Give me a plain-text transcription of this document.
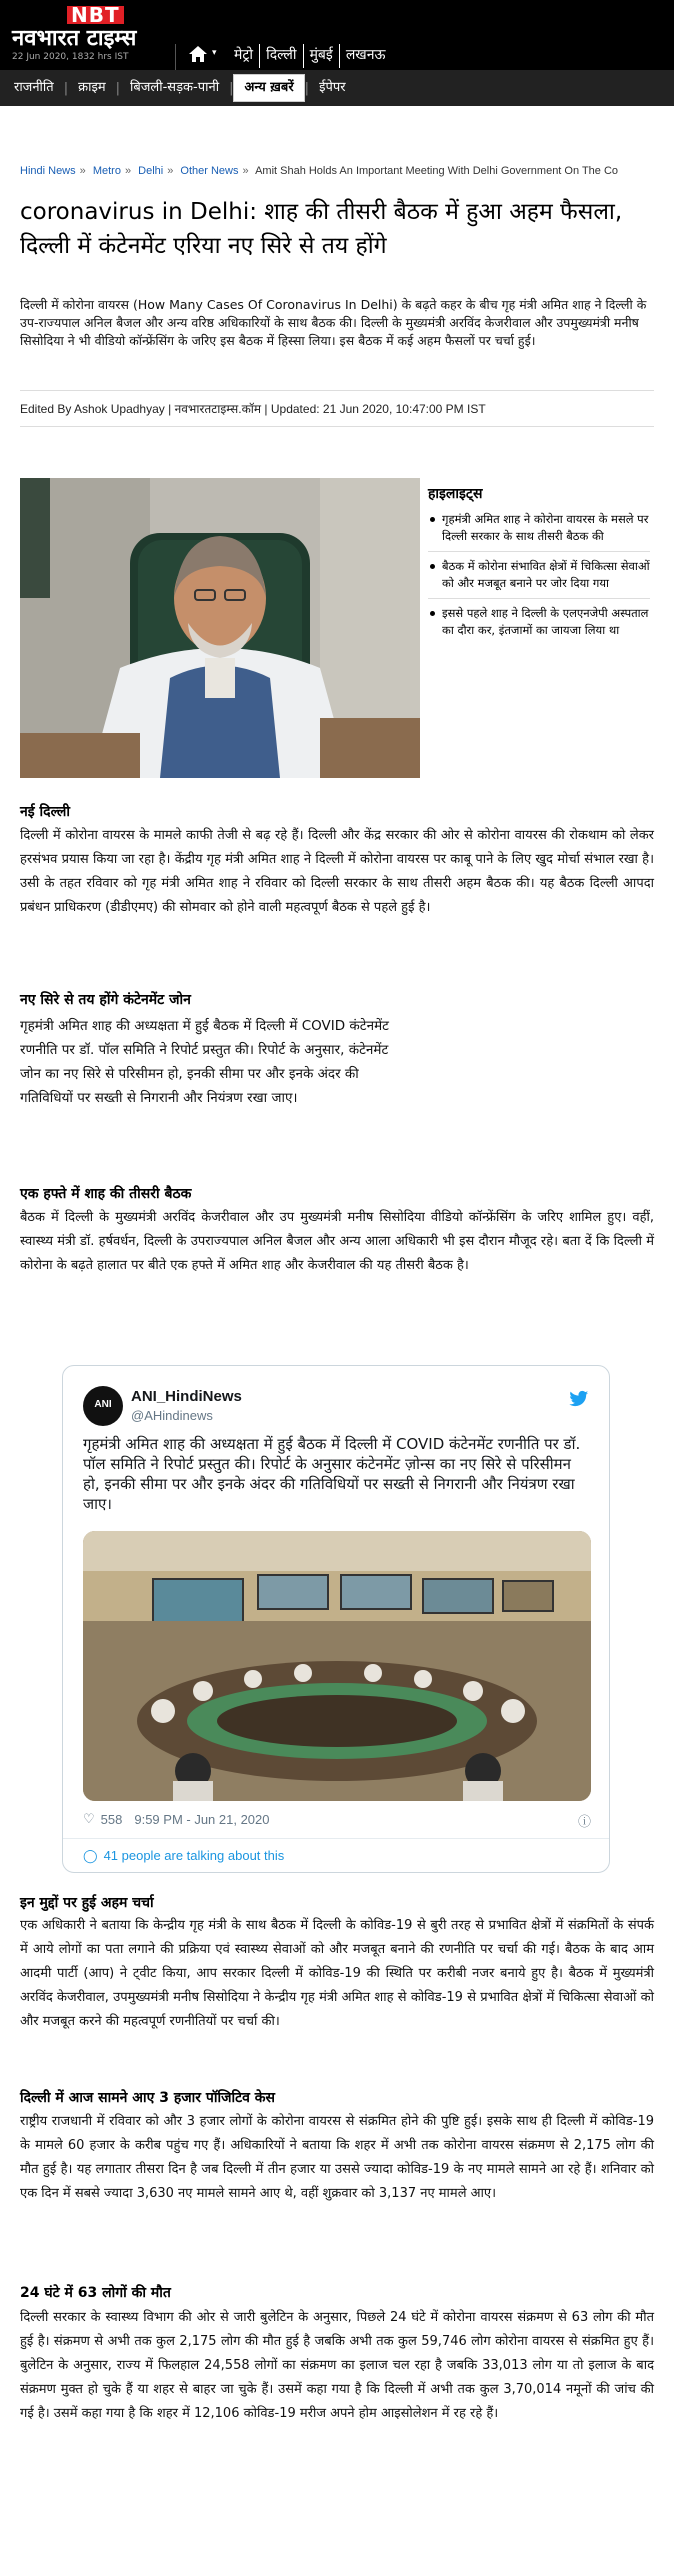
NBT
नवभारत टाइम्स
22 Jun 2020, 1832 hrs IST	▾	मेट्रो दिल्ली मुंबई लखनऊ
राजनीति | क्राइम | बिजली-सड़क-पानी | अन्य ख़बरें | ईपेपर
Hindi News » Metro » Delhi » Other News » Amit Shah Holds An Important Meeting With Delhi Government On The Co
coronavirus in Delhi: शाह की तीसरी बैठक में हुआ अहम फैसला, दिल्ली में कंटेनमेंट एरिया नए सिरे से तय होंगे

दिल्ली में कोरोना वायरस (How Many Cases Of Coronavirus In Delhi) के बढ़ते कहर के बीच गृह मंत्री अमित शाह ने दिल्ली के उप-राज्यपाल अनिल बैजल और अन्य वरिष्ठ अधिकारियों के साथ बैठक की। दिल्ली के मुख्यमंत्री अरविंद केजरीवाल और उपमुख्यमंत्री मनीष सिसोदिया ने भी वीडियो कॉन्फ्रेंसिंग के जरिए इस बैठक में हिस्सा लिया। इस बैठक में कई अहम फैसलों पर चर्चा हुई।

Edited By Ashok Upadhyay | नवभारतटाइम्स.कॉम | Updated: 21 Jun 2020, 10:47:00 PM IST
हाइलाइट्स
गृहमंत्री अमित शाह ने कोरोना वायरस के मसले पर दिल्ली सरकार के साथ तीसरी बैठक की
बैठक में कोरोना संभावित क्षेत्रों में चिकित्सा सेवाओं को और मजबूत बनाने पर जोर दिया गया
इससे पहले शाह ने दिल्ली के एलएनजेपी अस्पताल का दौरा कर, इंतजामों का जायजा लिया था
नई दिल्ली

दिल्ली में कोरोना वायरस के मामले काफी तेजी से बढ़ रहे हैं। दिल्ली और केंद्र सरकार की ओर से कोरोना वायरस की रोकथाम को लेकर हरसंभव प्रयास किया जा रहा है। केंद्रीय गृह मंत्री अमित शाह ने दिल्ली में कोरोना वायरस पर काबू पाने के लिए खुद मोर्चा संभाल रखा है। उसी के तहत रविवार को गृह मंत्री अमित शाह ने रविवार को दिल्ली सरकार के साथ तीसरी अहम बैठक की। यह बैठक दिल्ली आपदा प्रबंधन प्राधिकरण (डीडीएमए) की सोमवार को होने वाली महत्वपूर्ण बैठक से पहले हुई है।

नए सिरे से तय होंगे कंटेनमेंट जोन

गृहमंत्री अमित शाह की अध्यक्षता में हुई बैठक में दिल्ली में COVID कंटेनमेंट रणनीति पर डॉ. पॉल समिति ने रिपोर्ट प्रस्तुत की। रिपोर्ट के अनुसार, कंटेनमेंट जोन का नए सिरे से परिसीमन हो, इनकी सीमा पर और इनके अंदर की गतिविधियों पर सख्ती से निगरानी और नियंत्रण रखा जाए।

एक हफ्ते में शाह की तीसरी बैठक

बैठक में दिल्ली के मुख्यमंत्री अरविंद केजरीवाल और उप मुख्यमंत्री मनीष सिसोदिया वीडियो कॉन्फ्रेंसिंग के जरिए शामिल हुए। वहीं, स्वास्थ्य मंत्री डॉ. हर्षवर्धन, दिल्ली के उपराज्यपाल अनिल बैजल और अन्य आला अधिकारी भी इस दौरान मौजूद रहे। बता दें कि दिल्ली में कोरोना के बढ़ते हालात पर बीते एक हफ्ते में अमित शाह और केजरीवाल की यह तीसरी बैठक है।

ANI	ANI_HindiNews
@AHindinews

गृहमंत्री अमित शाह की अध्यक्षता में हुई बैठक में दिल्ली में COVID कंटेनमेंट रणनीति पर डॉ. पॉल समिति ने रिपोर्ट प्रस्तुत की। रिपोर्ट के अनुसार कंटेनमेंट ज़ोन्स का नए सिरे से परिसीमन हो, इनकी सीमा पर और इनके अंदर की गतिविधियों पर सख्ती से निगरानी और नियंत्रण रखा जाए।

♡ 558 9:59 PM - Jun 21, 2020	ⓘ
◯ 41 people are talking about this
इन मुद्दों पर हुई अहम चर्चा

एक अधिकारी ने बताया कि केन्द्रीय गृह मंत्री के साथ बैठक में दिल्ली के कोविड-19 से बुरी तरह से प्रभावित क्षेत्रों में संक्रमितों के संपर्क में आये लोगों का पता लगाने की प्रक्रिया एवं स्वास्थ्य सेवाओं को और मजबूत बनाने की रणनीति पर चर्चा की गई। बैठक के बाद आम आदमी पार्टी (आप) ने ट्वीट किया, आप सरकार दिल्ली में कोविड-19 की स्थिति पर करीबी नजर बनाये हुए है। बैठक में मुख्यमंत्री अरविंद केजरीवाल, उपमुख्यमंत्री मनीष सिसोदिया ने केन्द्रीय गृह मंत्री अमित शाह से कोविड-19 से प्रभावित क्षेत्रों में चिकित्सा सेवाओं को और मजबूत करने की महत्वपूर्ण रणनीतियों पर चर्चा की।

दिल्ली में आज सामने आए 3 हजार पॉजिटिव केस

राष्ट्रीय राजधानी में रविवार को और 3 हजार लोगों के कोरोना वायरस से संक्रमित होने की पुष्टि हुई। इसके साथ ही दिल्ली में कोविड-19 के मामले 60 हजार के करीब पहुंच गए हैं। अधिकारियों ने बताया कि शहर में अभी तक कोरोना वायरस संक्रमण से 2,175 लोग की मौत हुई है। यह लगातार तीसरा दिन है जब दिल्ली में तीन हजार या उससे ज्यादा कोविड-19 के नए मामले सामने आ रहे हैं। शनिवार को एक दिन में सबसे ज्यादा 3,630 नए मामले सामने आए थे, वहीं शुक्रवार को 3,137 नए मामले आए।

24 घंटे में 63 लोगों की मौत

दिल्ली सरकार के स्वास्थ्य विभाग की ओर से जारी बुलेटिन के अनुसार, पिछले 24 घंटे में कोरोना वायरस संक्रमण से 63 लोग की मौत हुई है। संक्रमण से अभी तक कुल 2,175 लोग की मौत हुई है जबकि अभी तक कुल 59,746 लोग कोरोना वायरस से संक्रमित हुए हैं। बुलेटिन के अनुसार, राज्य में फिलहाल 24,558 लोगों का संक्रमण का इलाज चल रहा है जबकि 33,013 लोग या तो इलाज के बाद संक्रमण मुक्त हो चुके हैं या शहर से बाहर जा चुके हैं। उसमें कहा गया है कि दिल्ली में अभी तक कुल 3,70,014 नमूनों की जांच की गई है। उसमें कहा गया है कि शहर में 12,106 कोविड-19 मरीज अपने होम आइसोलेशन में रह रहे हैं।
